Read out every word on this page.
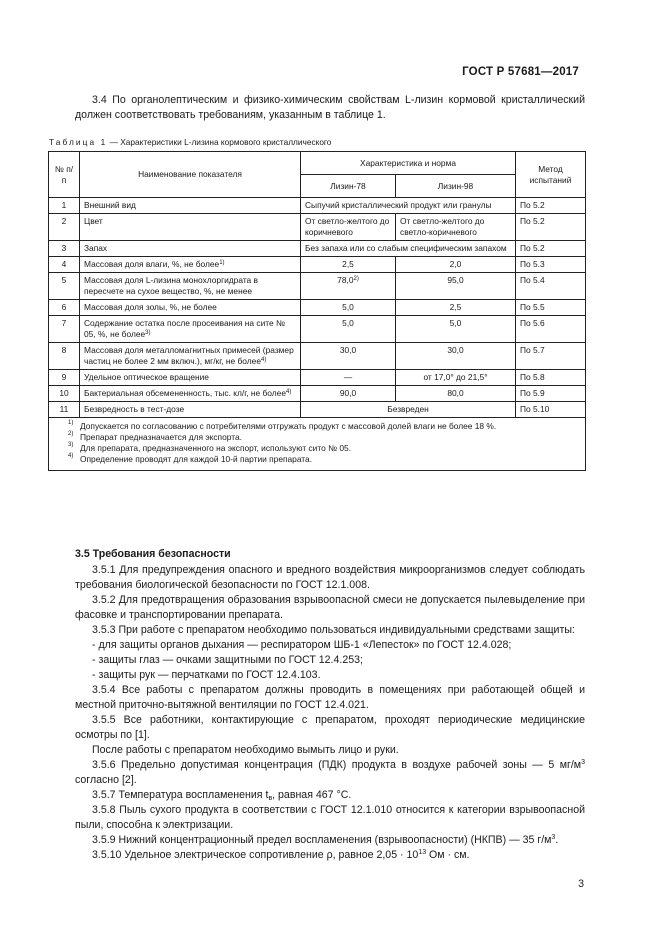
ГОСТ Р 57681—2017
3.4 По органолептическим и физико-химическим свойствам L-лизин кормовой кристаллический должен соответствовать требованиям, указанным в таблице 1.
Таблица 1 — Характеристики L-лизина кормового кристаллического
№ п/п	Наименование показателя	Характеристика и норма		Метод испытаний
		Лизин-78	Лизин-98	
1	Внешний вид	Сыпучий кристаллический продукт или гранулы		По 5.2
2	Цвет	От светло-желтого до коричневого	От светло-желтого до светло-коричневого	По 5.2
3	Запах	Без запаха или со слабым специфическим запахом		По 5.2
4	Массовая доля влаги, %, не более$^{1)}$	2,5	2,0	По 5.3
5	Массовая доля L-лизина монохлоргидрата в пересчете на сухое вещество, %, не менее	78,0$^{2)}$	95,0	По 5.4
6	Массовая доля золы, %, не более	5,0	2,5	По 5.5
7	Содержание остатка после просеивания на сите № 05, %, не более$^{3)}$	5,0	5,0	По 5.6
8	Массовая доля металломагнитных примесей (размер частиц не более 2 мм включ.), мг/кг, не более$^{4)}$	30,0	30,0	По 5.7
9	Удельное оптическое вращение	—	от 17,0° до 21,5°	По 5.8
10	Бактериальная обсемененность, тыс. кл/г, не более$^{4)}$	90,0	80,0	По 5.9
11	Безвредность в тест-дозе	Безвреден		По 5.10

1) Допускается по согласованию с потребителями отгружать продукт с массовой долей влаги не более 18 %.
2) Препарат предназначается для экспорта.
3) Для препарата, предназначенного на экспорт, используют сито № 05.
4) Определение проводят для каждой 10-й партии препарата.
3.5 Требования безопасности
3.5.1 Для предупреждения опасного и вредного воздействия микроорганизмов следует соблюдать требования биологической безопасности по ГОСТ 12.1.008.
3.5.2 Для предотвращения образования взрывоопасной смеси не допускается пылевыделение при фасовке и транспортировании препарата.
3.5.3 При работе с препаратом необходимо пользоваться индивидуальными средствами защиты:
- для защиты органов дыхания — респиратором ШБ-1 «Лепесток» по ГОСТ 12.4.028;
- защиты глаз — очками защитными по ГОСТ 12.4.253;
- защиты рук — перчатками по ГОСТ 12.4.103.
3.5.4 Все работы с препаратом должны проводить в помещениях при работающей общей и местной приточно-вытяжной вентиляции по ГОСТ 12.4.021.
3.5.5 Все работники, контактирующие с препаратом, проходят периодические медицинские осмотры по [1].
После работы с препаратом необходимо вымыть лицо и руки.
3.5.6 Предельно допустимая концентрация (ПДК) продукта в воздухе рабочей зоны — 5 $мг/м^3$ согласно [2].
3.5.7 Температура воспламенения $t_в$, равная 467 °С.
3.5.8 Пыль сухого продукта в соответствии с ГОСТ 12.1.010 относится к категории взрывоопасной пыли, способна к электризации.
3.5.9 Нижний концентрационный предел воспламенения (взрывоопасности) (НКПВ) — 35 $г/м^3$.
3.5.10 Удельное электрическое сопротивление ρ, равное $2,05 \cdot 10^{13}$ Ом · см.
3
